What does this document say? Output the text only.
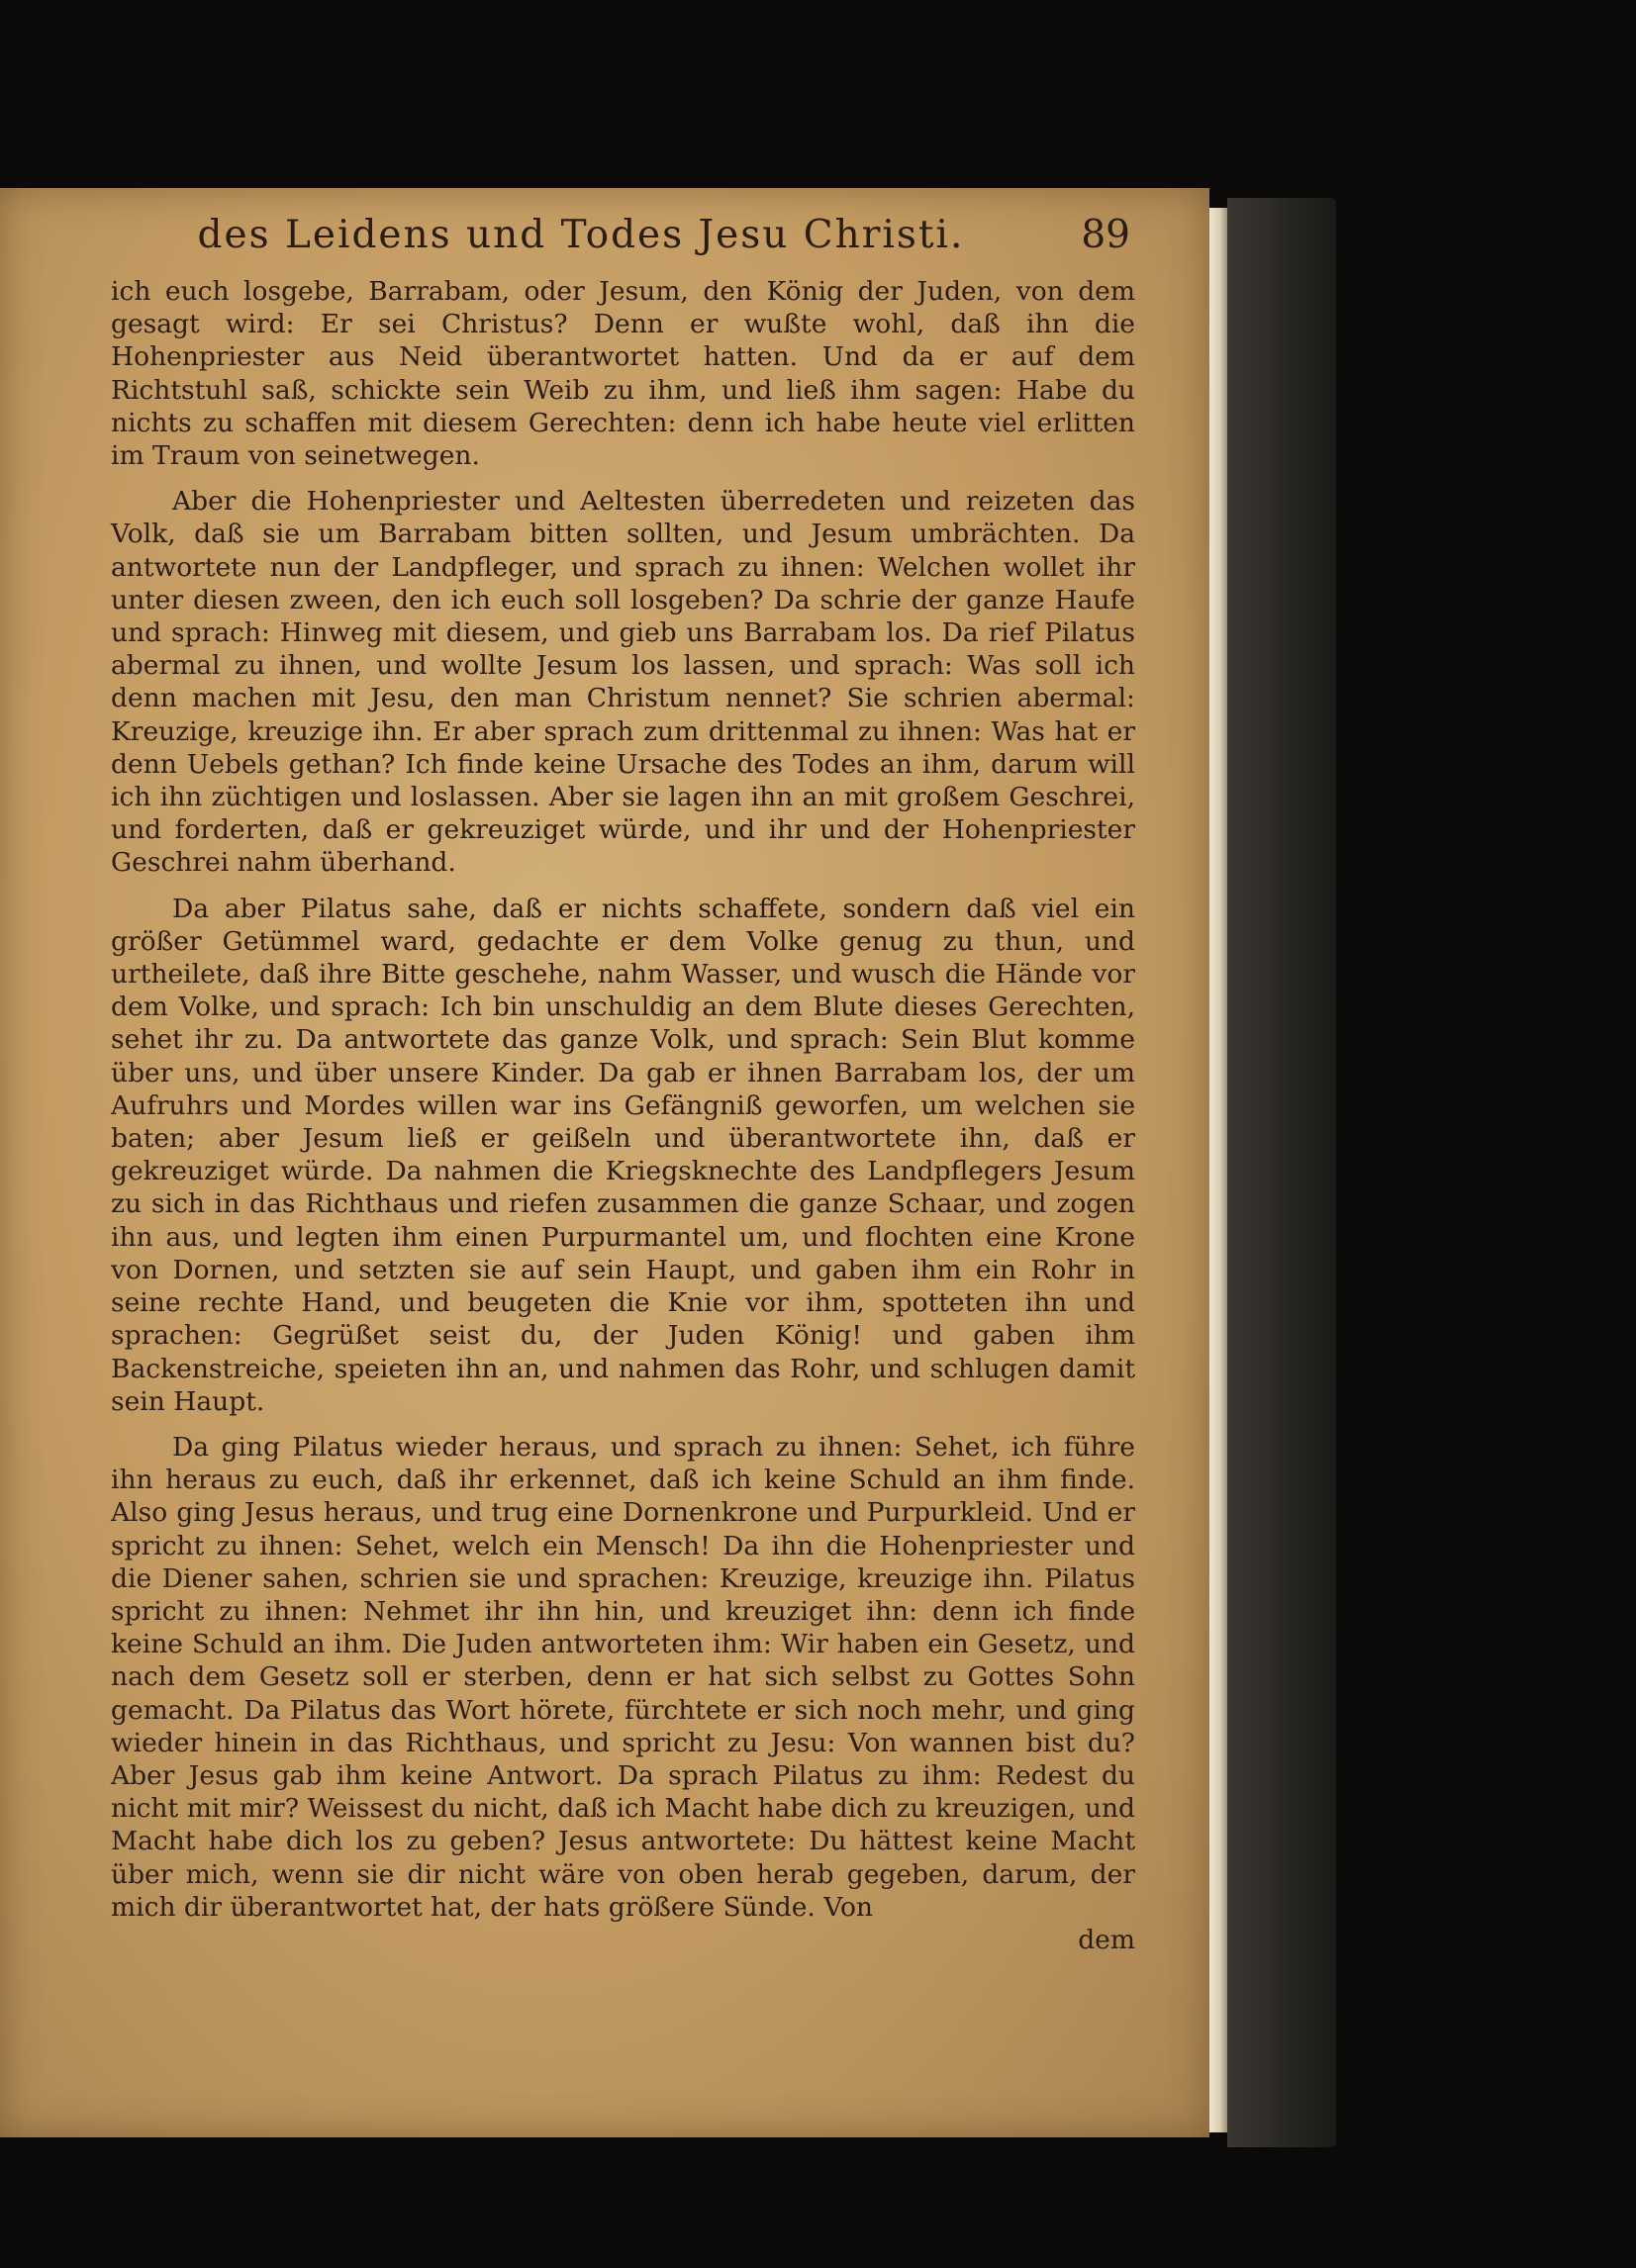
des Leidens und Todes Jesu Christi.	89

ich euch losgebe, Barrabam, oder Jesum, den König der Juden, von dem gesagt wird: Er sei Christus? Denn er wußte wohl, daß ihn die Hohenpriester aus Neid überantwortet hatten. Und da er auf dem Richtstuhl saß, schickte sein Weib zu ihm, und ließ ihm sagen: Habe du nichts zu schaffen mit diesem Gerechten: denn ich habe heute viel erlitten im Traum von seinetwegen.

Aber die Hohenpriester und Aeltesten überredeten und reizeten das Volk, daß sie um Barrabam bitten sollten, und Jesum umbrächten. Da antwortete nun der Landpfleger, und sprach zu ihnen: Welchen wollet ihr unter diesen zween, den ich euch soll losgeben? Da schrie der ganze Haufe und sprach: Hinweg mit diesem, und gieb uns Barrabam los. Da rief Pilatus abermal zu ihnen, und wollte Jesum los lassen, und sprach: Was soll ich denn machen mit Jesu, den man Christum nennet? Sie schrien abermal: Kreuzige, kreuzige ihn. Er aber sprach zum drittenmal zu ihnen: Was hat er denn Uebels gethan? Ich finde keine Ursache des Todes an ihm, darum will ich ihn züchtigen und loslassen. Aber sie lagen ihn an mit großem Geschrei, und forderten, daß er gekreuziget würde, und ihr und der Hohenpriester Geschrei nahm überhand.

Da aber Pilatus sahe, daß er nichts schaffete, sondern daß viel ein größer Getümmel ward, gedachte er dem Volke genug zu thun, und urtheilete, daß ihre Bitte geschehe, nahm Wasser, und wusch die Hände vor dem Volke, und sprach: Ich bin unschuldig an dem Blute dieses Gerechten, sehet ihr zu. Da antwortete das ganze Volk, und sprach: Sein Blut komme über uns, und über unsere Kinder. Da gab er ihnen Barrabam los, der um Aufruhrs und Mordes willen war ins Gefängniß geworfen, um welchen sie baten; aber Jesum ließ er geißeln und überantwortete ihn, daß er gekreuziget würde. Da nahmen die Kriegsknechte des Landpflegers Jesum zu sich in das Richthaus und riefen zusammen die ganze Schaar, und zogen ihn aus, und legten ihm einen Purpurmantel um, und flochten eine Krone von Dornen, und setzten sie auf sein Haupt, und gaben ihm ein Rohr in seine rechte Hand, und beugeten die Knie vor ihm, spotteten ihn und sprachen: Gegrüßet seist du, der Juden König! und gaben ihm Backenstreiche, speieten ihn an, und nahmen das Rohr, und schlugen damit sein Haupt.

Da ging Pilatus wieder heraus, und sprach zu ihnen: Sehet, ich führe ihn heraus zu euch, daß ihr erkennet, daß ich keine Schuld an ihm finde. Also ging Jesus heraus, und trug eine Dornenkrone und Purpurkleid. Und er spricht zu ihnen: Sehet, welch ein Mensch! Da ihn die Hohenpriester und die Diener sahen, schrien sie und sprachen: Kreuzige, kreuzige ihn. Pilatus spricht zu ihnen: Nehmet ihr ihn hin, und kreuziget ihn: denn ich finde keine Schuld an ihm. Die Juden antworteten ihm: Wir haben ein Gesetz, und nach dem Gesetz soll er sterben, denn er hat sich selbst zu Gottes Sohn gemacht. Da Pilatus das Wort hörete, fürchtete er sich noch mehr, und ging wieder hinein in das Richthaus, und spricht zu Jesu: Von wannen bist du? Aber Jesus gab ihm keine Antwort. Da sprach Pilatus zu ihm: Redest du nicht mit mir? Weissest du nicht, daß ich Macht habe dich zu kreuzigen, und Macht habe dich los zu geben? Jesus antwortete: Du hättest keine Macht über mich, wenn sie dir nicht wäre von oben herab gegeben, darum, der mich dir überantwortet hat, der hats größere Sünde. Von

dem
